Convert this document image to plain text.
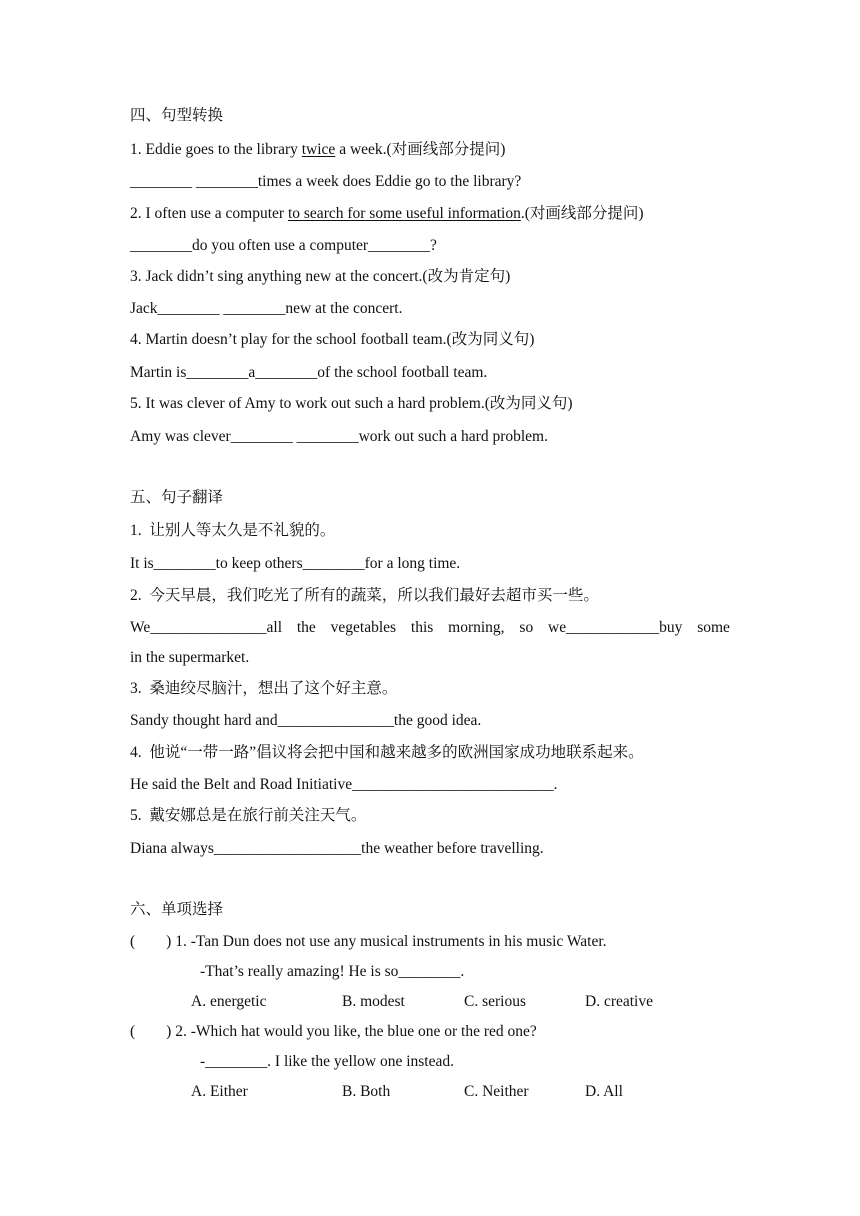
四、句型转换
1. Eddie goes to the library twice a week.(对画线部分提问)
________ ________times a week does Eddie go to the library?
2. I often use a computer to search for some useful information.(对画线部分提问)
________do you often use a computer________?
3. Jack didn’t sing anything new at the concert.(改为肯定句)
Jack________ ________new at the concert.
4. Martin doesn’t play for the school football team.(改为同义句)
Martin is________a________of the school football team.
5. It was clever of Amy to work out such a hard problem.(改为同义句)
Amy was clever________ ________work out such a hard problem.
五、句子翻译
1.  让别人等太久是不礼貌的。
It is________to keep others________for a long time.
2.  今天早晨，我们吃光了所有的蔬菜，所以我们最好去超市买一些。
We_______________all the vegetables this morning, so we____________buy some
in the supermarket.
3.  桑迪绞尽脑汁，想出了这个好主意。
Sandy thought hard and_______________the good idea.
4.  他说“一带一路”倡议将会把中国和越来越多的欧洲国家成功地联系起来。
He said the Belt and Road Initiative__________________________.
5.  戴安娜总是在旅行前关注天气。
Diana always___________________the weather before travelling.
六、单项选择
(        ) 1. -Tan Dun does not use any musical instruments in his music Water.
-That’s really amazing! He is so________.
A. energetic	B. modest	C. serious	D. creative
(        ) 2. -Which hat would you like, the blue one or the red one?
-________. I like the yellow one instead.
A. Either	B. Both	C. Neither	D. All
